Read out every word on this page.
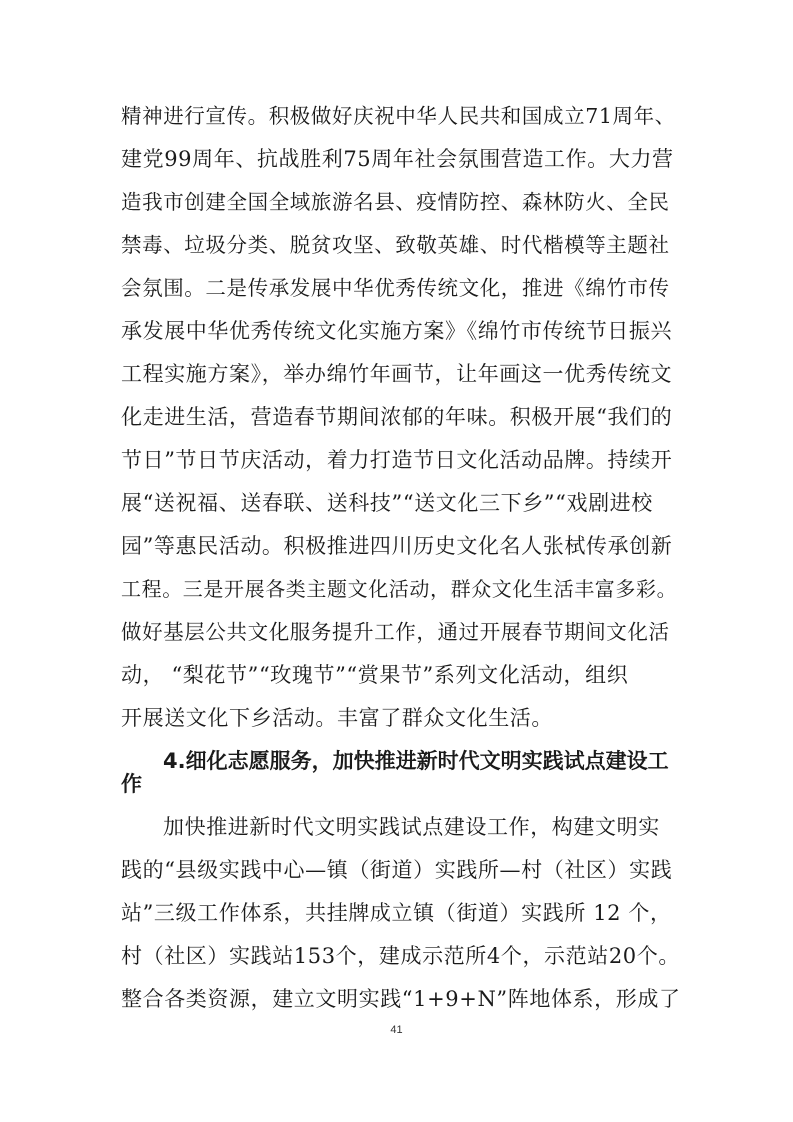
精神进行宣传。积极做好庆祝中华人民共和国成立71周年、
建党99周年、抗战胜利75周年社会氛围营造工作。大力营
造我市创建全国全域旅游名县、疫情防控、森林防火、全民
禁毒、垃圾分类、脱贫攻坚、致敬英雄、时代楷模等主题社
会氛围。二是传承发展中华优秀传统文化，推进《绵竹市传
承发展中华优秀传统文化实施方案》《绵竹市传统节日振兴
工程实施方案》，举办绵竹年画节，让年画这一优秀传统文
化走进生活，营造春节期间浓郁的年味。积极开展“我们的
节日”节日节庆活动，着力打造节日文化活动品牌。持续开
展“送祝福、送春联、送科技”“送文化三下乡”“戏剧进校
园”等惠民活动。积极推进四川历史文化名人张栻传承创新
工程。三是开展各类主题文化活动，群众文化生活丰富多彩。
做好基层公共文化服务提升工作，通过开展春节期间文化活
动， “梨花节”“玫瑰节”“赏果节”系列文化活动，组织
开展送文化下乡活动。丰富了群众文化生活。
4.细化志愿服务，加快推进新时代文明实践试点建设工
作
加快推进新时代文明实践试点建设工作，构建文明实
践的“县级实践中心—镇（街道）实践所—村（社区）实践
站”三级工作体系，共挂牌成立镇（街道）实践所 12 个，
村（社区）实践站153个，建成示范所4个，示范站20个。
整合各类资源，建立文明实践“1+9+N”阵地体系，形成了
41
